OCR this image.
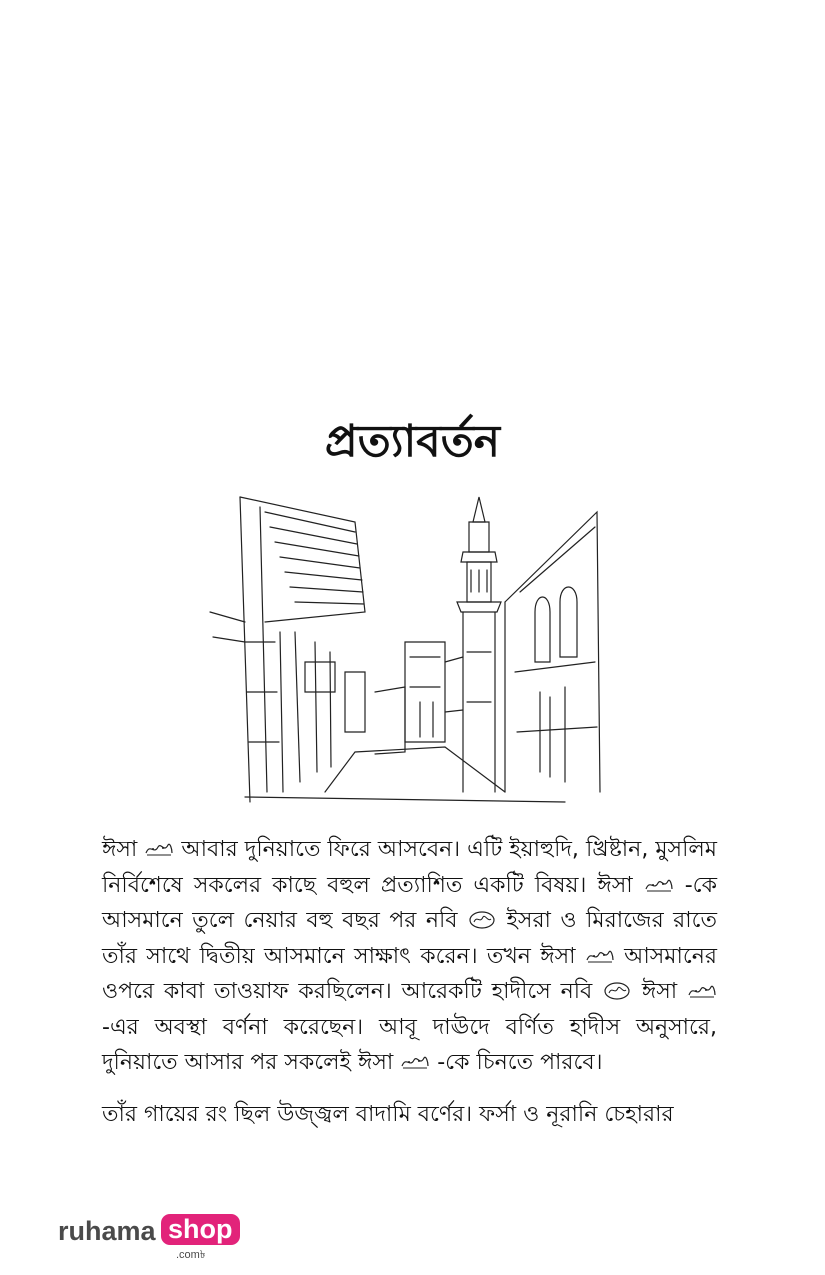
প্রত্যাবর্তন

ঈসা  আবার দুনিয়াতে ফিরে আসবেন। এটি ইয়াহুদি, খ্রিষ্টান, মুসলিম নির্বিশেষে সকলের কাছে বহুল প্রত্যাশিত একটি বিষয়। ঈসা -কে আসমানে তুলে নেয়ার বহু বছর পর নবি  ইসরা ও মিরাজের রাতে তাঁর সাথে দ্বিতীয় আসমানে সাক্ষাৎ করেন। তখন ঈসা  আসমানের ওপরে কাবা তাওয়াফ করছিলেন। আরেকটি হাদীসে নবি  ঈসা  -এর অবস্থা বর্ণনা করেছেন। আবূ দাঊদে বর্ণিত হাদীস অনুসারে, দুনিয়াতে আসার পর সকলেই ঈসা -কে চিনতে পারবে।

তাঁর গায়ের রং ছিল উজ্জ্বল বাদামি বর্ণের। ফর্সা ও নূরানি চেহারার

ruhama shop
.com৳
